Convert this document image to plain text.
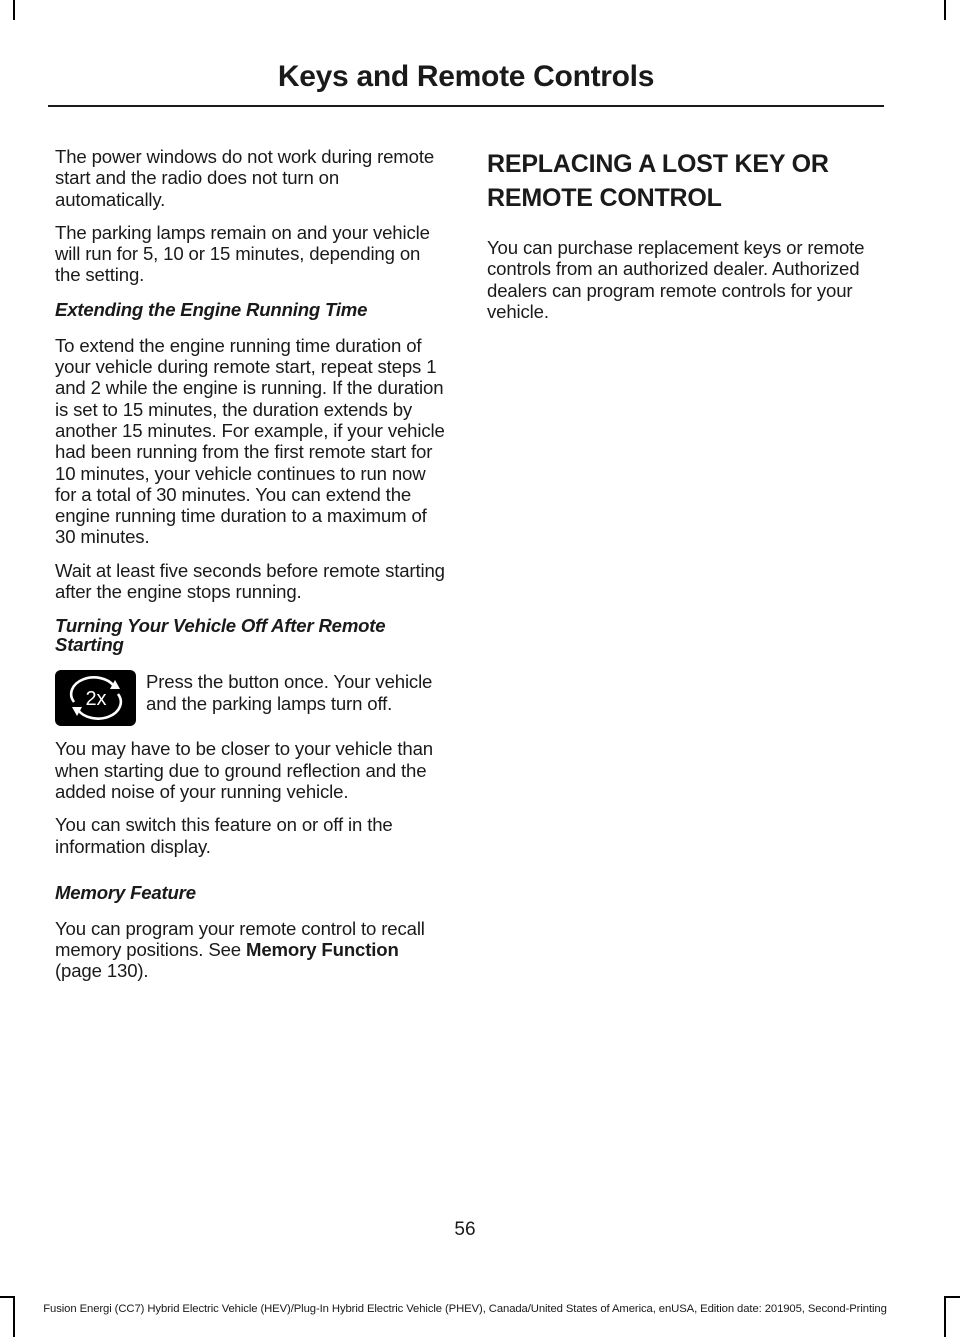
Keys and Remote Controls

The power windows do not work during remote start and the radio does not turn on automatically.

The parking lamps remain on and your vehicle will run for 5, 10 or 15 minutes, depending on the setting.

Extending the Engine Running Time

To extend the engine running time duration of your vehicle during remote start, repeat steps 1 and 2 while the engine is running. If the duration is set to 15 minutes, the duration extends by another 15 minutes. For example, if your vehicle had been running from the first remote start for 10 minutes, your vehicle continues to run now for a total of 30 minutes. You can extend the engine running time duration to a maximum of 30 minutes.

Wait at least five seconds before remote starting after the engine stops running.

Turning Your Vehicle Off After Remote Starting
2x

Press the button once. Your vehicle and the parking lamps turn off.

You may have to be closer to your vehicle than when starting due to ground reflection and the added noise of your running vehicle.

You can switch this feature on or off in the information display.

Memory Feature

You can program your remote control to recall memory positions. See Memory Function (page 130).

REPLACING A LOST KEY OR
REMOTE CONTROL

You can purchase replacement keys or remote controls from an authorized dealer. Authorized dealers can program remote controls for your vehicle.

56
Fusion Energi (CC7) Hybrid Electric Vehicle (HEV)/Plug-In Hybrid Electric Vehicle (PHEV), Canada/United States of America, enUSA, Edition date: 201905, Second-Printing
